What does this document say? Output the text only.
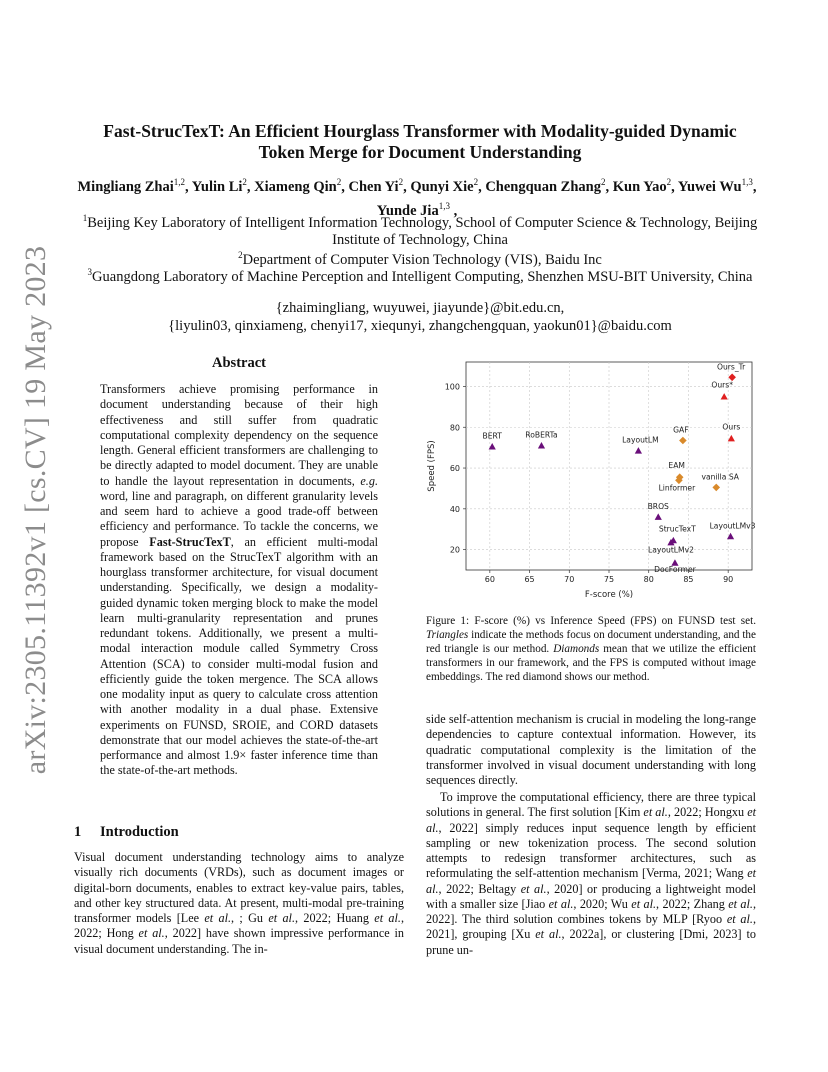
arXiv:2305.11392v1 [cs.CV] 19 May 2023
Fast-StrucTexT: An Efficient Hourglass Transformer with Modality-guided Dynamic Token Merge for Document Understanding
Mingliang Zhai$^{1,2}$, Yulin Li$^2$, Xiameng Qin$^2$, Chen Yi$^2$, Qunyi Xie$^2$, Chengquan Zhang$^2$, Kun Yao$^2$, Yuwei Wu$^{1,3}$, Yunde Jia$^{1,3}$ ,
$^1$Beijing Key Laboratory of Intelligent Information Technology, School of Computer Science & Technology, Beijing Institute of Technology, China
$^2$Department of Computer Vision Technology (VIS), Baidu Inc
$^3$Guangdong Laboratory of Machine Perception and Intelligent Computing, Shenzhen MSU-BIT University, China
{zhaimingliang, wuyuwei, jiayunde}@bit.edu.cn,
{liyulin03, qinxiameng, chenyi17, xiequnyi, zhangchengquan, yaokun01}@baidu.com
Abstract
Transformers achieve promising performance in document understanding because of their high effectiveness and still suffer from quadratic computational complexity dependency on the sequence length. General efficient transformers are challenging to be directly adapted to model document. They are unable to handle the layout representation in documents, e.g. word, line and paragraph, on different granularity levels and seem hard to achieve a good trade-off between efficiency and performance. To tackle the concerns, we propose Fast-StrucTexT, an efficient multi-modal framework based on the StrucTexT algorithm with an hourglass transformer architecture, for visual document understanding. Specifically, we design a modality-guided dynamic token merging block to make the model learn multi-granularity representation and prunes redundant tokens. Additionally, we present a multi-modal interaction module called Symmetry Cross Attention (SCA) to consider multi-modal fusion and efficiently guide the token mergence. The SCA allows one modality input as query to calculate cross attention with another modality in a dual phase. Extensive experiments on FUNSD, SROIE, and CORD datasets demonstrate that our model achieves the state-of-the-art performance and almost 1.9× faster inference time than the state-of-the-art methods.
1 Introduction
Visual document understanding technology aims to analyze visually rich documents (VRDs), such as document images or digital-born documents, enables to extract key-value pairs, tables, and other key structured data. At present, multi-modal pre-training transformer models [Lee et al., ; Gu et al., 2022; Huang et al., 2022; Hong et al., 2022] have shown impressive performance in visual document understanding. The in-
60	65	70	75	80	85	90
20
40
60
80
100
BERT	RoBERTa
LayoutLM
GAF
EAM
Linformer
vanilla SA
BROS
StrucTexT
LayoutLMv2
DocFormer
LayoutLMv3
Ours
Ours*
Ours_Tr
F-score (%)
Speed (FPS)
Figure 1: F-score (%) vs Inference Speed (FPS) on FUNSD test set. Triangles indicate the methods focus on document understanding, and the red triangle is our method. Diamonds mean that we utilize the efficient transformers in our framework, and the FPS is computed without image embeddings. The red diamond shows our method.
side self-attention mechanism is crucial in modeling the long-range dependencies to capture contextual information. However, its quadratic computational complexity is the limitation of the transformer involved in visual document understanding with long sequences directly.
To improve the computational efficiency, there are three typical solutions in general. The first solution [Kim et al., 2022; Hongxu et al., 2022] simply reduces input sequence length by efficient sampling or new tokenization process. The second solution attempts to redesign transformer architectures, such as reformulating the self-attention mechanism [Verma, 2021; Wang et al., 2022; Beltagy et al., 2020] or producing a lightweight model with a smaller size [Jiao et al., 2020; Wu et al., 2022; Zhang et al., 2022]. The third solution combines tokens by MLP [Ryoo et al., 2021], grouping [Xu et al., 2022a], or clustering [Dmi, 2023] to prune un-
